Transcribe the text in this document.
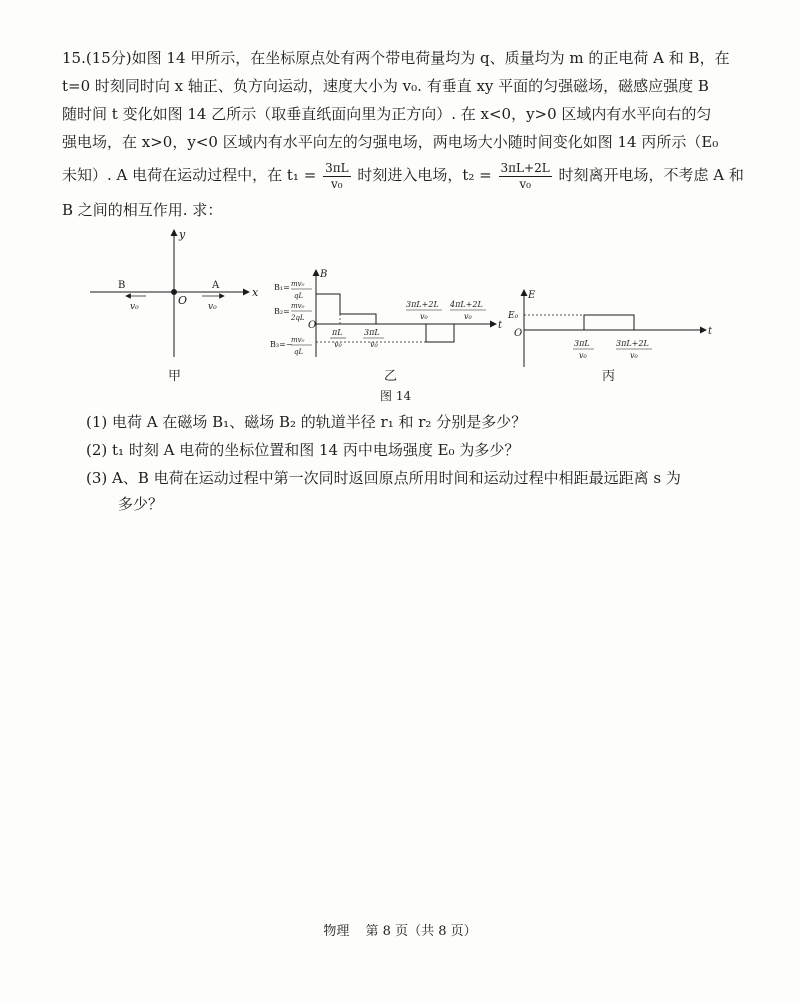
15.(15分)如图 14 甲所示，在坐标原点处有两个带电荷量均为 q、质量均为 m 的正电荷 A 和 B，在
t=0 时刻同时向 x 轴正、负方向运动，速度大小为 v₀. 有垂直 xy 平面的匀强磁场，磁感应强度 B
随时间 t 变化如图 14 乙所示（取垂直纸面向里为正方向）. 在 x<0，y>0 区域内有水平向右的匀
强电场，在 x>0，y<0 区域内有水平向左的匀强电场，两电场大小随时间变化如图 14 丙所示（E₀
未知）. A 电荷在运动过程中，在 $t_1 = \frac{3\pi L}{\text{v₀}}$ 时刻进入电场，$t_2 = \frac{3\pi L+2L}{\text{v₀}}$ 时刻离开电场，不考虑 A 和
B 之间的相互作用. 求：
y
x
O
B
v₀
A
v₀
B
t
O
B₁= mv₀
qL
B₂=
mv₀
2qL
B₃=−
mv₀
qL
πL
v₀
3πL
v₀
3πL+2L
v₀
4πL+2L
v₀
E
t
O
E₀
3πL
v₀
3πL+2L
v₀
甲	乙	丙
图 14
(1) 电荷 A 在磁场 B₁、磁场 B₂ 的轨道半径 r₁ 和 r₂ 分别是多少？
(2) t₁ 时刻 A 电荷的坐标位置和图 14 丙中电场强度 E₀ 为多少？
(3) A、B 电荷在运动过程中第一次同时返回原点所用时间和运动过程中相距最远距离 s 为
多少？
物理 第 8 页（共 8 页）
